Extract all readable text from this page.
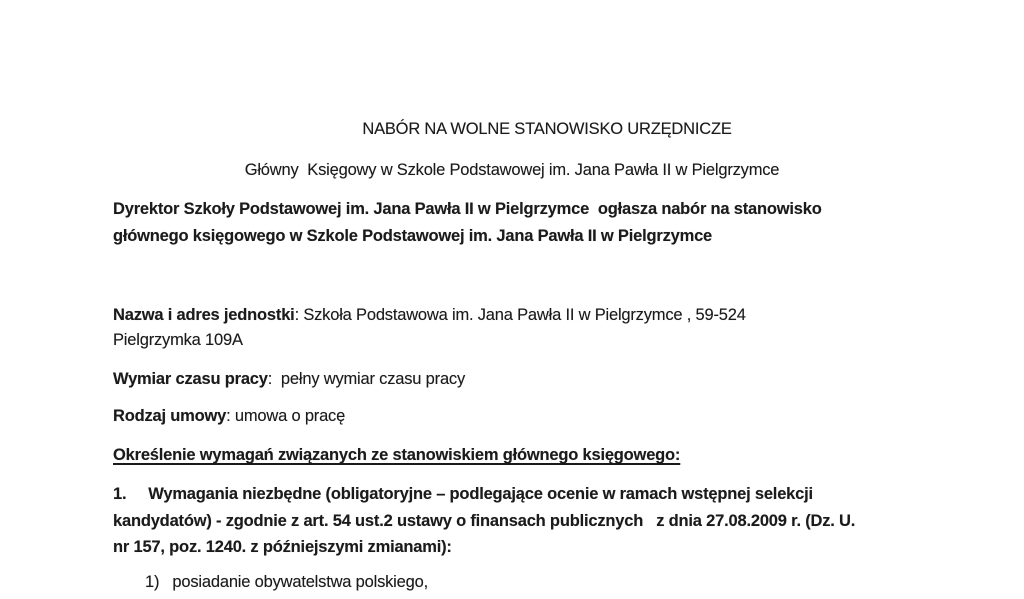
NABÓR NA WOLNE STANOWISKO URZĘDNICZE
Główny  Księgowy w Szkole Podstawowej im. Jana Pawła II w Pielgrzymce
Dyrektor Szkoły Podstawowej im. Jana Pawła II w Pielgrzymce  ogłasza nabór na stanowisko
głównego księgowego w Szkole Podstawowej im. Jana Pawła II w Pielgrzymce
Nazwa i adres jednostki: Szkoła Podstawowa im. Jana Pawła II w Pielgrzymce , 59-524
Pielgrzymka 109A
Wymiar czasu pracy:  pełny wymiar czasu pracy
Rodzaj umowy: umowa o pracę
Określenie wymagań związanych ze stanowiskiem głównego księgowego:
1.     Wymagania niezbędne (obligatoryjne – podlegające ocenie w ramach wstępnej selekcji
kandydatów) - zgodnie z art. 54 ust.2 ustawy o finansach publicznych   z dnia 27.08.2009 r. (Dz. U.
nr 157, poz. 1240. z późniejszymi zmianami):
1)   posiadanie obywatelstwa polskiego,
